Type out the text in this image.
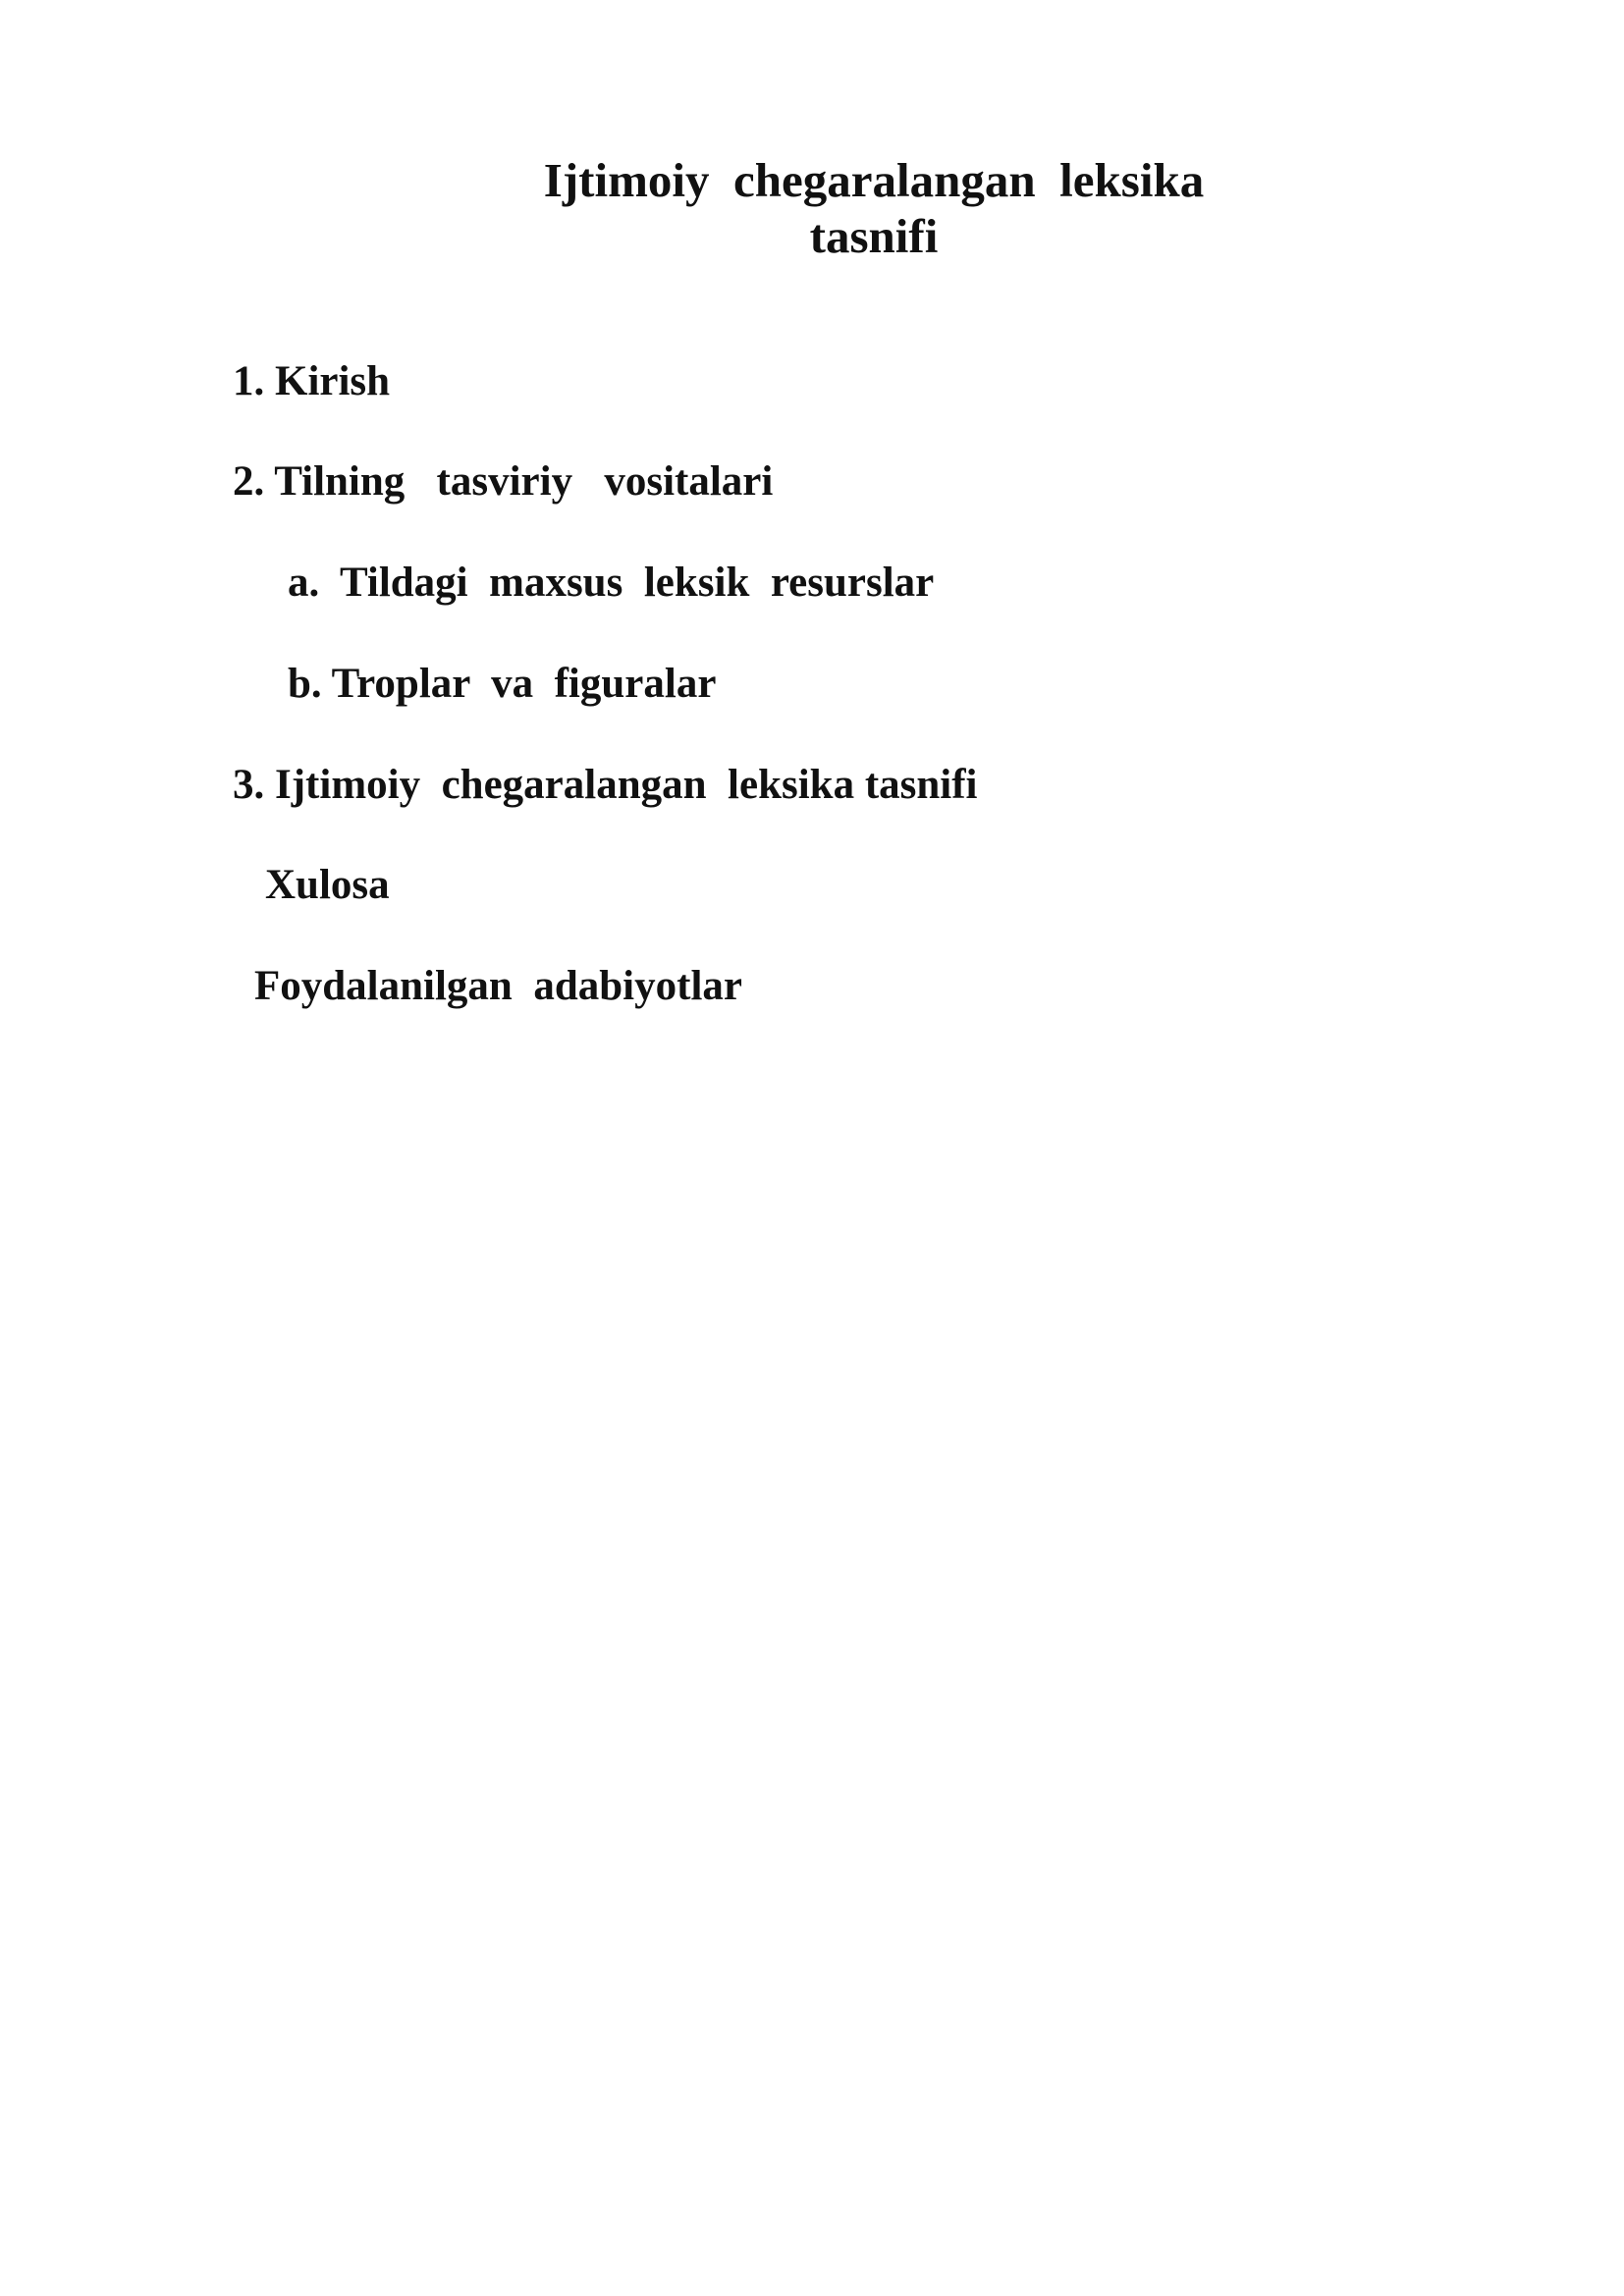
Ijtimoiy  chegaralangan  leksika
tasnifi
1. Kirish
2. Tilning   tasviriy   vositalari
a.  Tildagi  maxsus  leksik  resurslar
b. Troplar  va  figuralar
3. Ijtimoiy  chegaralangan  leksika tasnifi
Xulosa
Foydalanilgan  adabiyotlar
